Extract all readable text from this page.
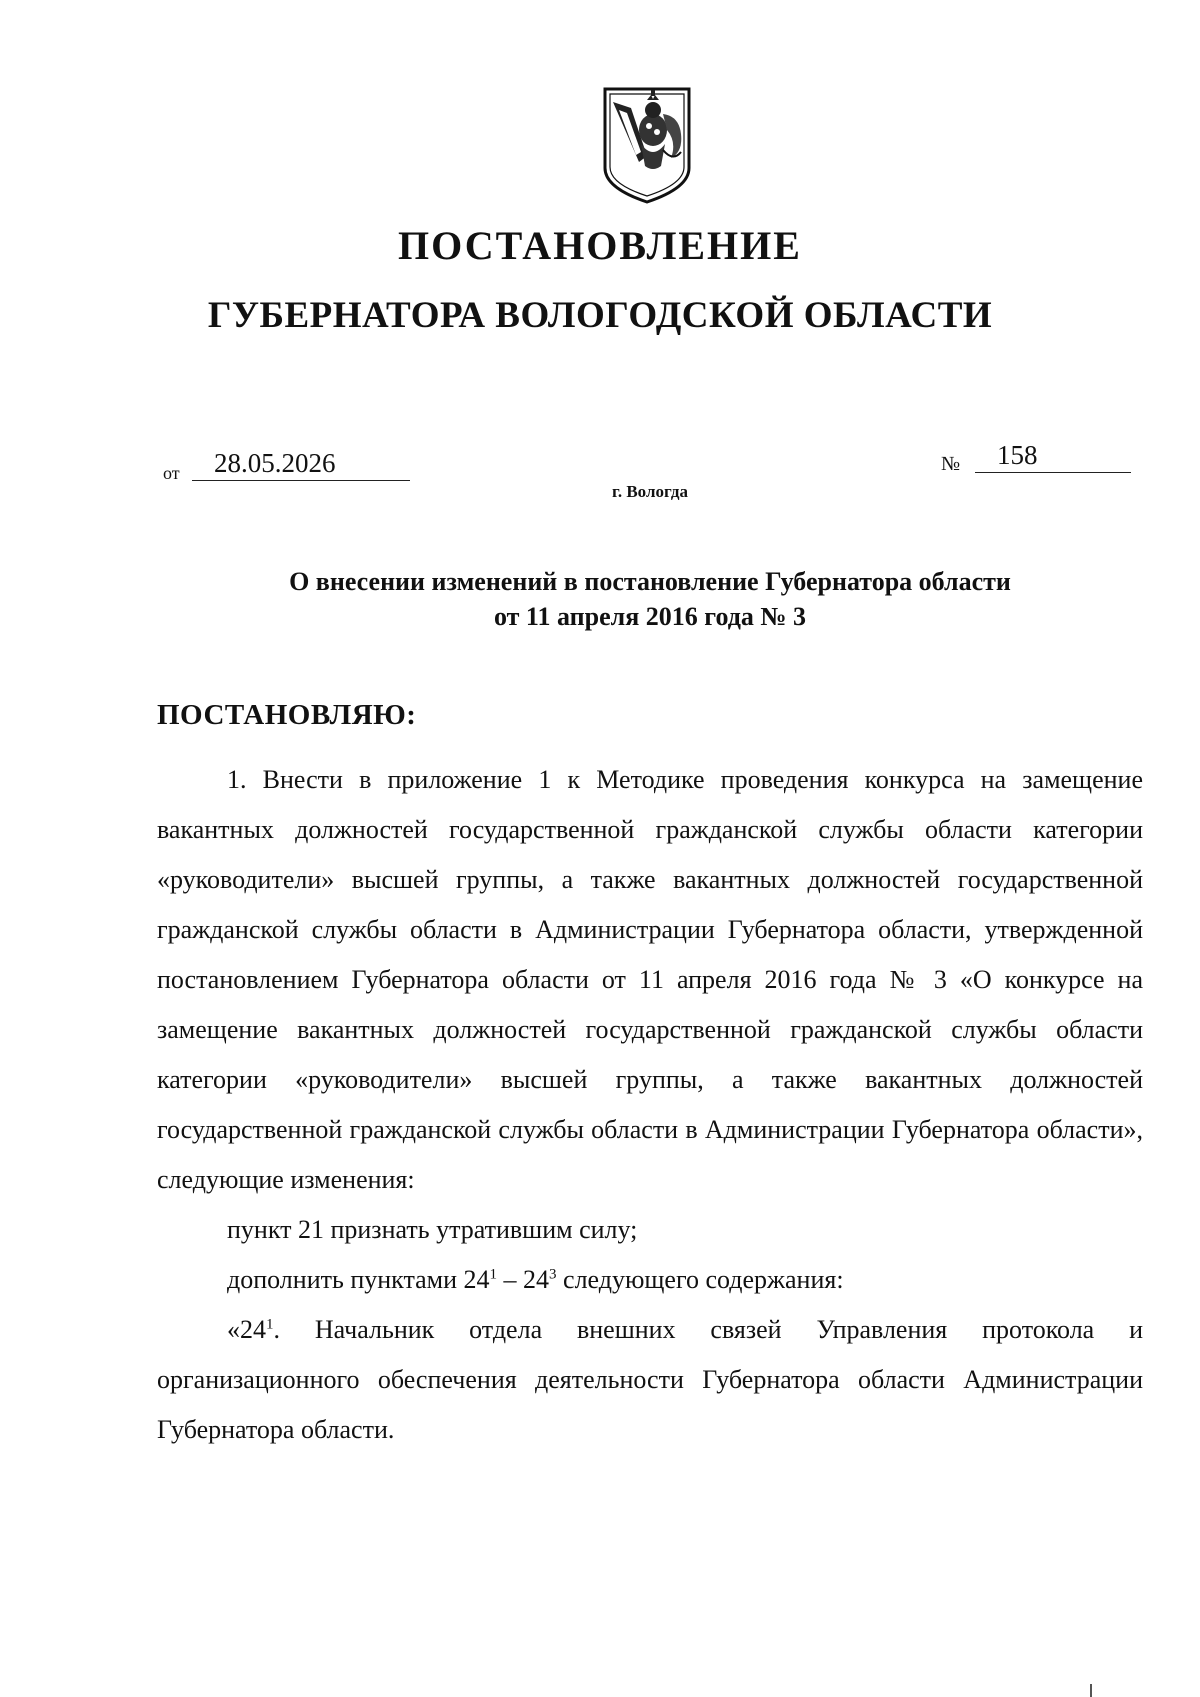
ПОСТАНОВЛЕНИЕ
ГУБЕРНАТОРА ВОЛОГОДСКОЙ ОБЛАСТИ
от	28.05.2026	№	158
г. Вологда
О внесении изменений в постановление Губернатора области
от 11 апреля 2016 года № 3
ПОСТАНОВЛЯЮ:

1. Внести в приложение 1 к Методике проведения конкурса на замещение вакантных должностей государственной гражданской службы области категории «руководители» высшей группы, а также вакантных должностей государственной гражданской службы области в Администрации Губернатора области, утвержденной постановлением Губернатора области от 11 апреля 2016 года № 3 «О конкурсе на замещение вакантных должностей государственной гражданской службы области категории «руководители» высшей группы, а также вакантных должностей государственной гражданской службы области в Администрации Губернатора области», следующие изменения:

пункт 21 признать утратившим силу;

дополнить пунктами $24^1 - 24^3$ следующего содержания:

«$24^1$. Начальник отдела внешних связей Управления протокола и организационного обеспечения деятельности Губернатора области Администрации Губернатора области.
